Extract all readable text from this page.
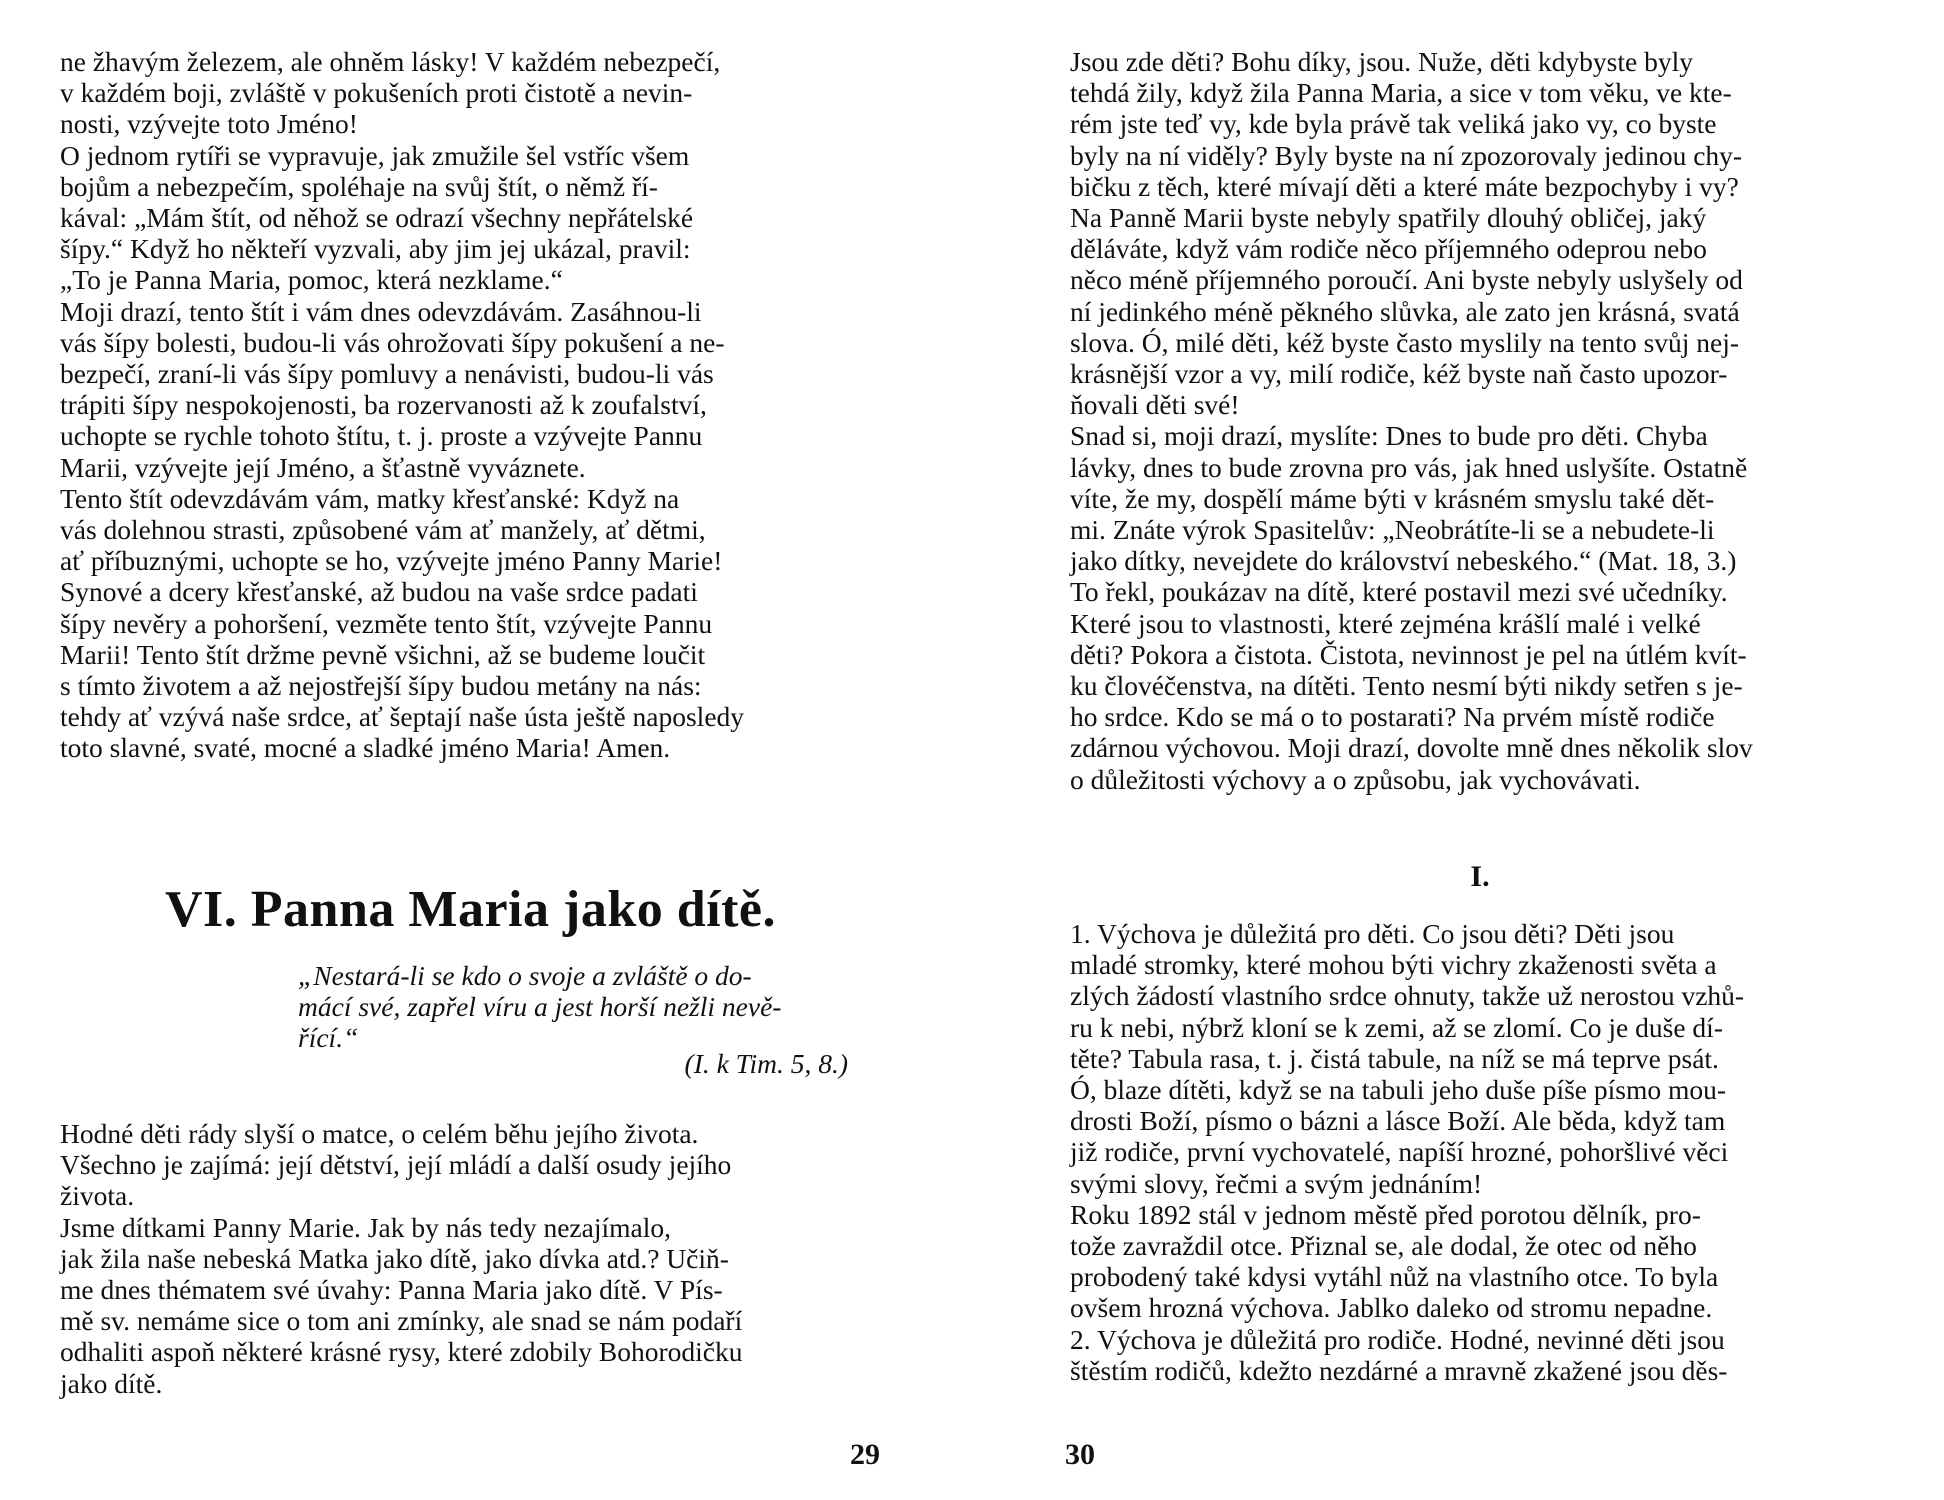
ne žhavým železem, ale ohněm lásky! V každém nebezpečí,
v každém boji, zvláště v pokušeních proti čistotě a nevin-
nosti, vzývejte toto Jméno!
O jednom rytíři se vypravuje, jak zmužile šel vstříc všem
bojům a nebezpečím, spoléhaje na svůj štít, o němž ří-
kával: „Mám štít, od něhož se odrazí všechny nepřátelské
šípy.“ Když ho někteří vyzvali, aby jim jej ukázal, pravil:
„To je Panna Maria, pomoc, která nezklame.“
Moji drazí, tento štít i vám dnes odevzdávám. Zasáhnou-li
vás šípy bolesti, budou-li vás ohrožovati šípy pokušení a ne-
bezpečí, zraní-li vás šípy pomluvy a nenávisti, budou-li vás
trápiti šípy nespokojenosti, ba rozervanosti až k zoufalství,
uchopte se rychle tohoto štítu, t. j. proste a vzývejte Pannu
Marii, vzývejte její Jméno, a šťastně vyváznete.
Tento štít odevzdávám vám, matky křesťanské: Když na
vás dolehnou strasti, způsobené vám ať manžely, ať dětmi,
ať příbuznými, uchopte se ho, vzývejte jméno Panny Marie!
Synové a dcery křesťanské, až budou na vaše srdce padati
šípy nevěry a pohoršení, vezměte tento štít, vzývejte Pannu
Marii! Tento štít držme pevně všichni, až se budeme loučit
s tímto životem a až nejostřejší šípy budou metány na nás:
tehdy ať vzývá naše srdce, ať šeptají naše ústa ještě naposledy
toto slavné, svaté, mocné a sladké jméno Maria! Amen.
VI. Panna Maria jako dítě.
„Nestará-li se kdo o svoje a zvláště o do-
mácí své, zapřel víru a jest horší nežli nevě-
řící.“
(I. k Tim. 5, 8.)
Hodné děti rády slyší o matce, o celém běhu jejího života.
Všechno je zajímá: její dětství, její mládí a další osudy jejího
života.
Jsme dítkami Panny Marie. Jak by nás tedy nezajímalo,
jak žila naše nebeská Matka jako dítě, jako dívka atd.? Učiň-
me dnes thématem své úvahy: Panna Maria jako dítě. V Pís-
mě sv. nemáme sice o tom ani zmínky, ale snad se nám podaří
odhaliti aspoň některé krásné rysy, které zdobily Bohorodičku
jako dítě.

29

Jsou zde děti? Bohu díky, jsou. Nuže, děti kdybyste byly
tehdá žily, když žila Panna Maria, a sice v tom věku, ve kte-
rém jste teď vy, kde byla právě tak veliká jako vy, co byste
byly na ní viděly? Byly byste na ní zpozorovaly jedinou chy-
bičku z těch, které mívají děti a které máte bezpochyby i vy?
Na Panně Marii byste nebyly spatřily dlouhý obličej, jaký
děláváte, když vám rodiče něco příjemného odeprou nebo
něco méně příjemného poroučí. Ani byste nebyly uslyšely od
ní jedinkého méně pěkného slůvka, ale zato jen krásná, svatá
slova. Ó, milé děti, kéž byste často myslily na tento svůj nej-
krásnější vzor a vy, milí rodiče, kéž byste naň často upozor-
ňovali děti své!
Snad si, moji drazí, myslíte: Dnes to bude pro děti. Chyba
lávky, dnes to bude zrovna pro vás, jak hned uslyšíte. Ostatně
víte, že my, dospělí máme býti v krásném smyslu také dět-
mi. Znáte výrok Spasitelův: „Neobrátíte-li se a nebudete-li
jako dítky, nevejdete do království nebeského.“ (Mat. 18, 3.)
To řekl, poukázav na dítě, které postavil mezi své učedníky.
Které jsou to vlastnosti, které zejména krášlí malé i velké
děti? Pokora a čistota. Čistota, nevinnost je pel na útlém kvít-
ku človéčenstva, na dítěti. Tento nesmí býti nikdy setřen s je-
ho srdce. Kdo se má o to postarati? Na prvém místě rodiče
zdárnou výchovou. Moji drazí, dovolte mně dnes několik slov
o důležitosti výchovy a o způsobu, jak vychovávati.

I.

1. Výchova je důležitá pro děti. Co jsou děti? Děti jsou
mladé stromky, které mohou býti vichry zkaženosti světa a
zlých žádostí vlastního srdce ohnuty, takže už nerostou vzhů-
ru k nebi, nýbrž kloní se k zemi, až se zlomí. Co je duše dí-
těte? Tabula rasa, t. j. čistá tabule, na níž se má teprve psát.
Ó, blaze dítěti, když se na tabuli jeho duše píše písmo mou-
drosti Boží, písmo o bázni a lásce Boží. Ale běda, když tam
již rodiče, první vychovatelé, napíší hrozné, pohoršlivé věci
svými slovy, řečmi a svým jednáním!
Roku 1892 stál v jednom městě před porotou dělník, pro-
tože zavraždil otce. Přiznal se, ale dodal, že otec od něho
probodený také kdysi vytáhl nůž na vlastního otce. To byla
ovšem hrozná výchova. Jablko daleko od stromu nepadne.
2. Výchova je důležitá pro rodiče. Hodné, nevinné děti jsou
štěstím rodičů, kdežto nezdárné a mravně zkažené jsou děs-

30
